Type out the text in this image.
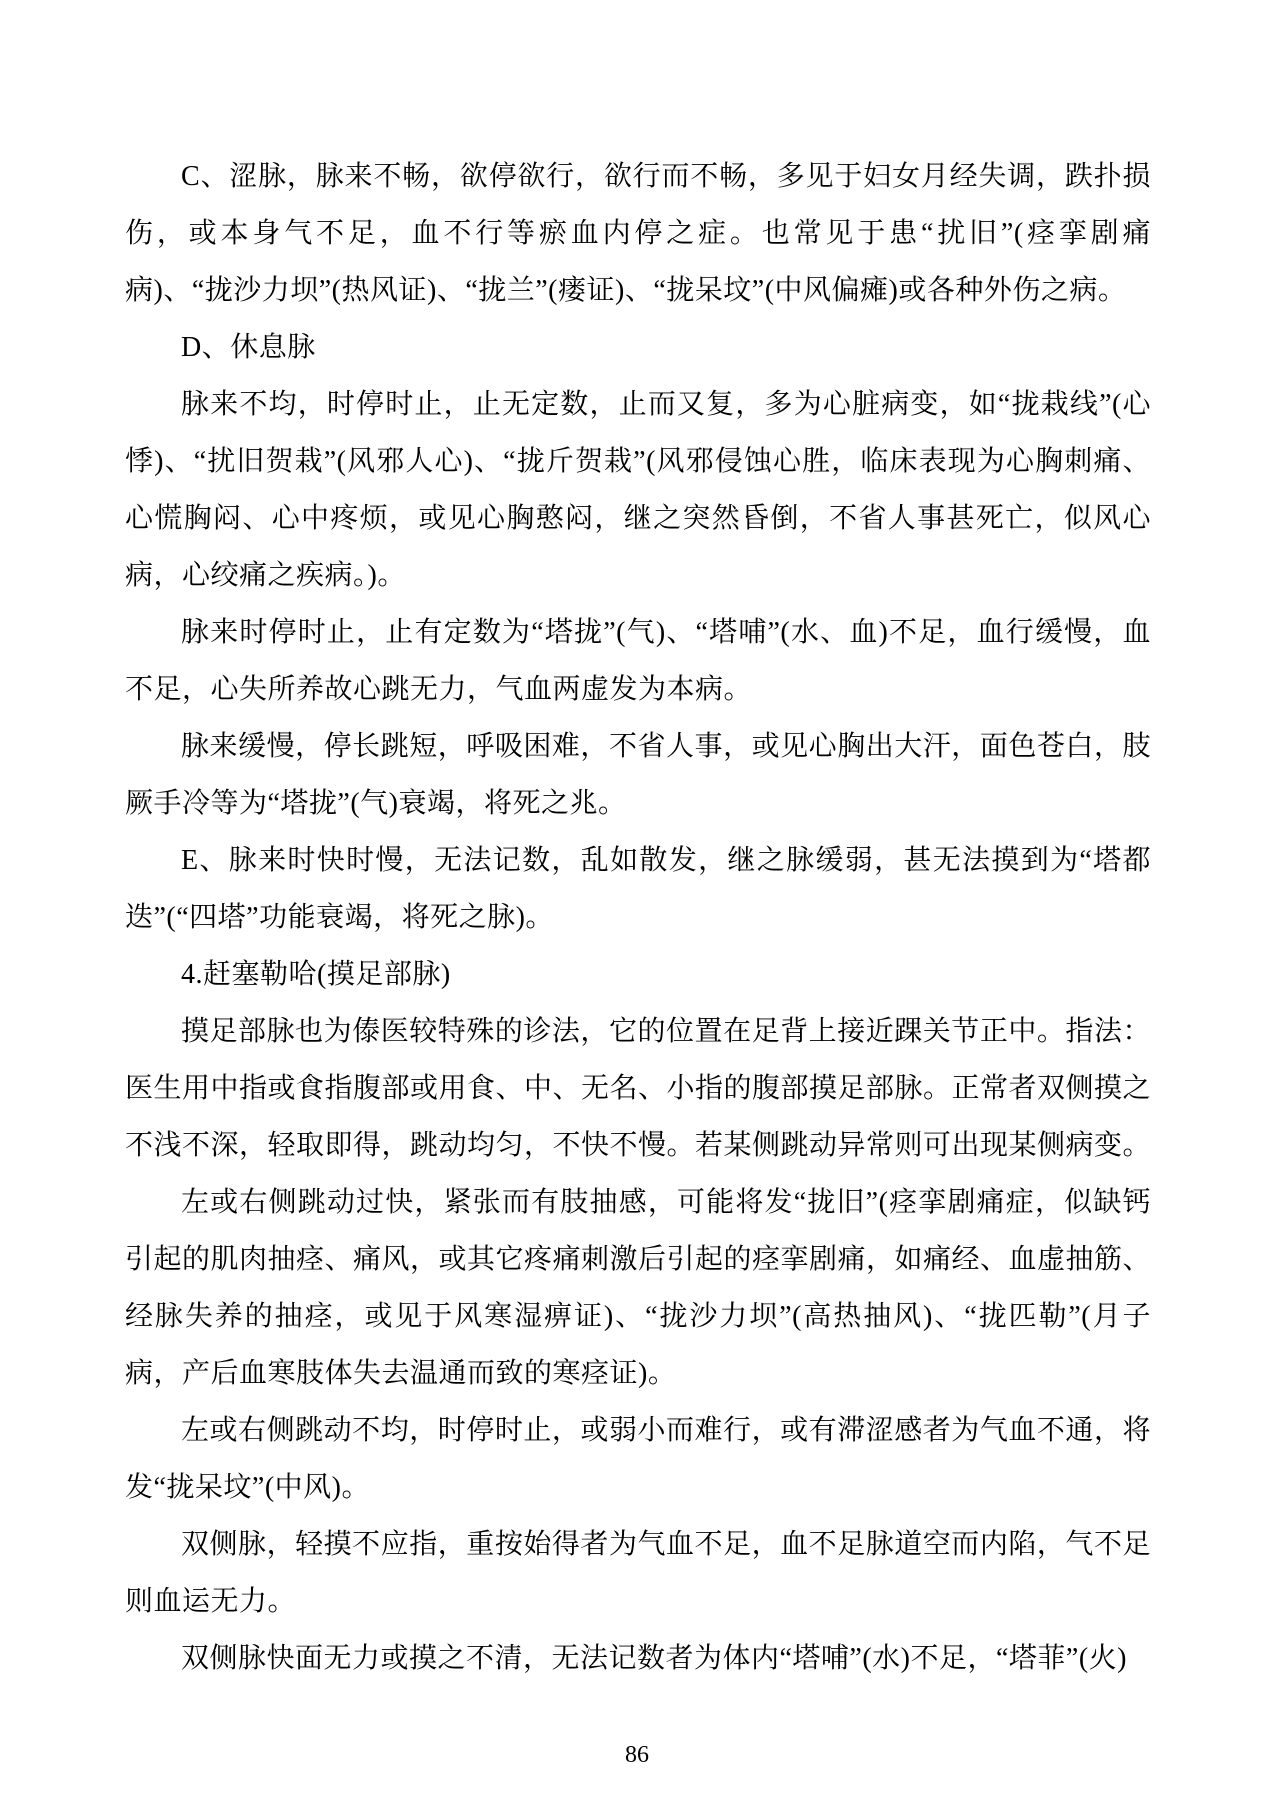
C、涩脉，脉来不畅，欲停欲行，欲行而不畅，多见于妇女月经失调，跌扑损伤，或本身气不足，血不行等瘀血内停之症。也常见于患“扰旧”(痉挛剧痛病)、“拢沙力坝”(热风证)、“拢兰”(瘘证)、“拢呆坟”(中风偏瘫)或各种外伤之病。

D、休息脉

脉来不均，时停时止，止无定数，止而又复，多为心脏病变，如“拢栽线”(心悸)、“扰旧贺栽”(风邪人心)、“拢斤贺栽”(风邪侵蚀心胜，临床表现为心胸刺痛、心慌胸闷、心中疼烦，或见心胸憨闷，继之突然昏倒，不省人事甚死亡，似风心病，心绞痛之疾病。)。

脉来时停时止，止有定数为“塔拢”(气)、“塔哺”(水、血)不足，血行缓慢，血不足，心失所养故心跳无力，气血两虚发为本病。

脉来缓慢，停长跳短，呼吸困难，不省人事，或见心胸出大汗，面色苍白，肢厥手冷等为“塔拢”(气)衰竭，将死之兆。

E、脉来时快时慢，无法记数，乱如散发，继之脉缓弱，甚无法摸到为“塔都迭”(“四塔”功能衰竭，将死之脉)。

4.赶塞勒哈(摸足部脉)

摸足部脉也为傣医较特殊的诊法，它的位置在足背上接近踝关节正中。指法：医生用中指或食指腹部或用食、中、无名、小指的腹部摸足部脉。正常者双侧摸之不浅不深，轻取即得，跳动均匀，不快不慢。若某侧跳动异常则可出现某侧病变。

左或右侧跳动过快，紧张而有肢抽感，可能将发“拢旧”(痉挛剧痛症，似缺钙引起的肌肉抽痉、痛风，或其它疼痛刺激后引起的痉挛剧痛，如痛经、血虚抽筋、经脉失养的抽痉，或见于风寒湿痹证)、“拢沙力坝”(高热抽风)、“拢匹勒”(月子病，产后血寒肢体失去温通而致的寒痉证)。

左或右侧跳动不均，时停时止，或弱小而难行，或有滞涩感者为气血不通，将发“拢呆坟”(中风)。

双侧脉，轻摸不应指，重按始得者为气血不足，血不足脉道空而内陷，气不足则血运无力。

双侧脉快面无力或摸之不清，无法记数者为体内“塔哺”(水)不足，“塔菲”(火)

86
